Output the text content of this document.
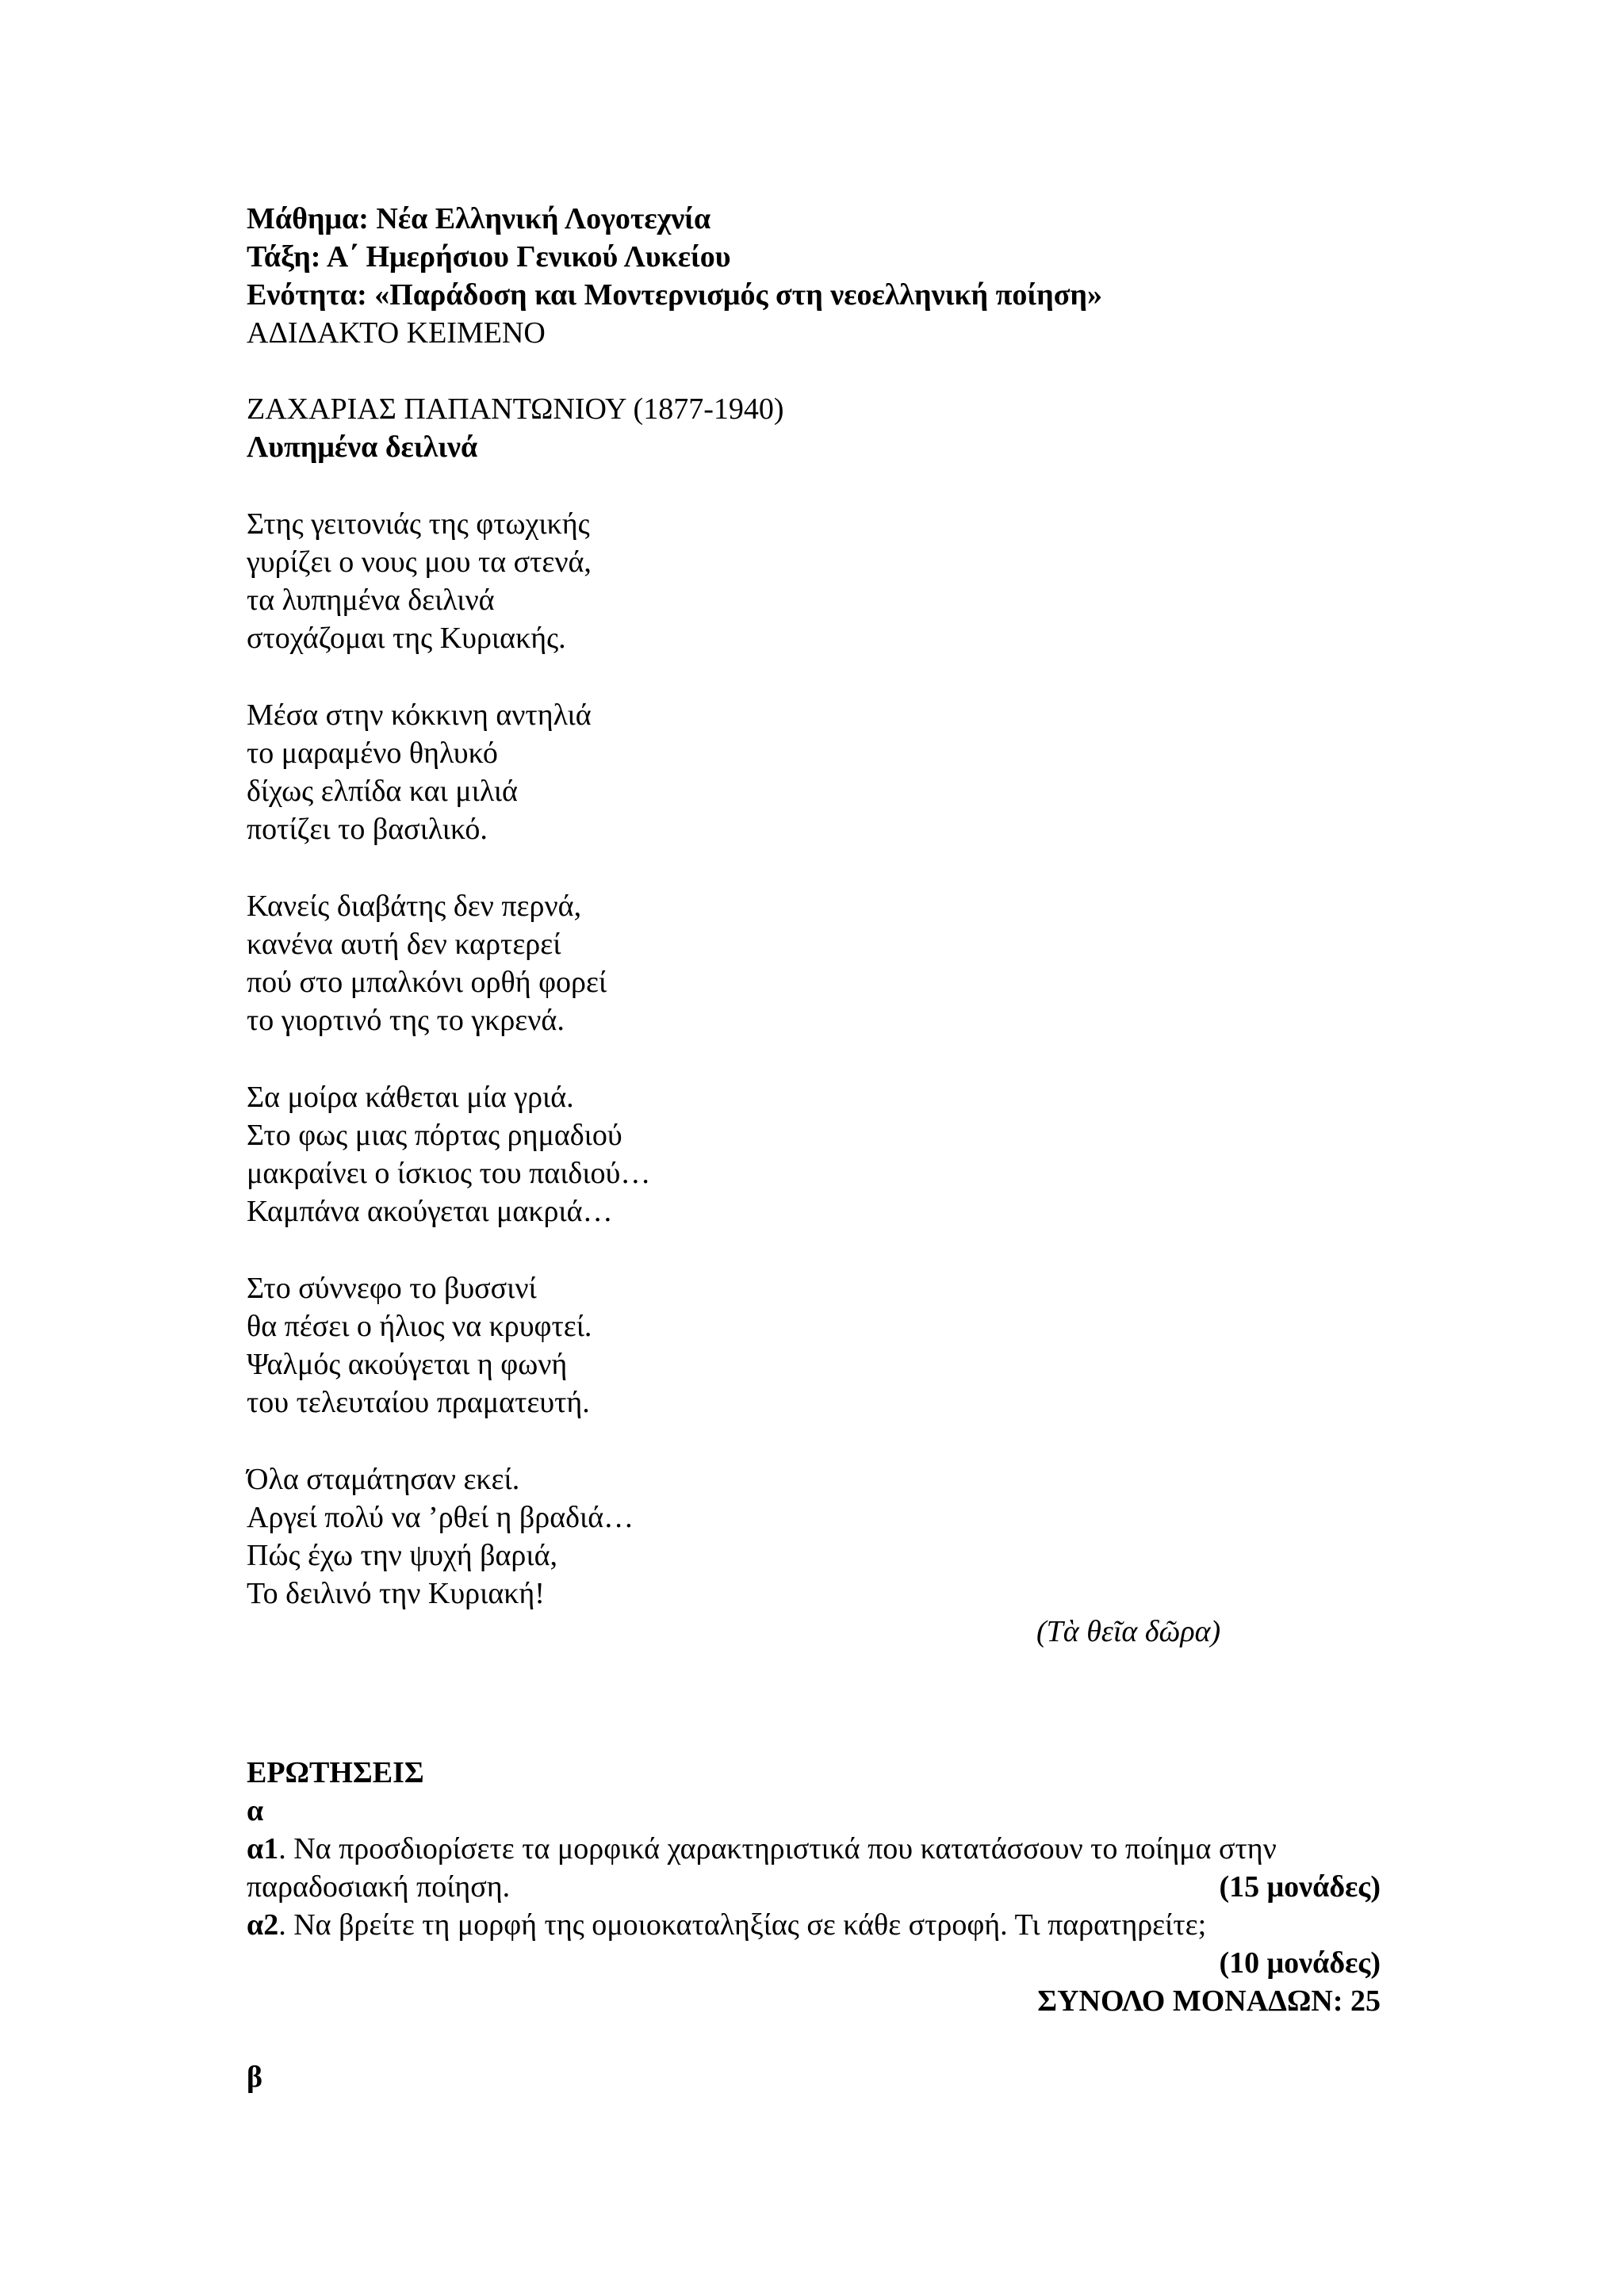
Μάθημα: Νέα Ελληνική Λογοτεχνία
Τάξη: Α΄ Ημερήσιου Γενικού Λυκείου
Ενότητα: «Παράδοση και Μοντερνισμός στη νεοελληνική ποίηση»
ΑΔΙΔΑΚΤΟ ΚΕΙΜΕΝΟ
ΖΑΧΑΡΙΑΣ ΠΑΠΑΝΤΩΝΙΟΥ (1877-1940)
Λυπημένα δειλινά
Στης γειτονιάς της φτωχικής
γυρίζει ο νους μου τα στενά,
τα λυπημένα δειλινά
στοχάζομαι της Κυριακής.
Μέσα στην κόκκινη αντηλιά
το μαραμένο θηλυκό
δίχως ελπίδα και μιλιά
ποτίζει το βασιλικό.
Κανείς διαβάτης δεν περνά,
κανένα αυτή δεν καρτερεί
πού στο μπαλκόνι ορθή φορεί
το γιορτινό της το γκρενά.
Σα μοίρα κάθεται μία γριά.
Στο φως μιας πόρτας ρημαδιού
μακραίνει ο ίσκιος του παιδιού…
Καμπάνα ακούγεται μακριά…
Στο σύννεφο το βυσσινί
θα πέσει ο ήλιος να κρυφτεί.
Ψαλμός ακούγεται η φωνή
του τελευταίου πραματευτή.
Όλα σταμάτησαν εκεί.
Αργεί πολύ να ’ρθεί η βραδιά…
Πώς έχω την ψυχή βαριά,
Το δειλινό την Κυριακή!
(Τὰ θεῖα δῶρα)
ΕΡΩΤΗΣΕΙΣ
α
α1. Να προσδιορίσετε τα μορφικά χαρακτηριστικά που κατατάσσουν το ποίημα στην
παραδοσιακή ποίηση.	(15 μονάδες)
α2. Να βρείτε τη μορφή της ομοιοκαταληξίας σε κάθε στροφή. Τι παρατηρείτε;
(10 μονάδες)
ΣΥΝΟΛΟ ΜΟΝΑΔΩΝ: 25
β
